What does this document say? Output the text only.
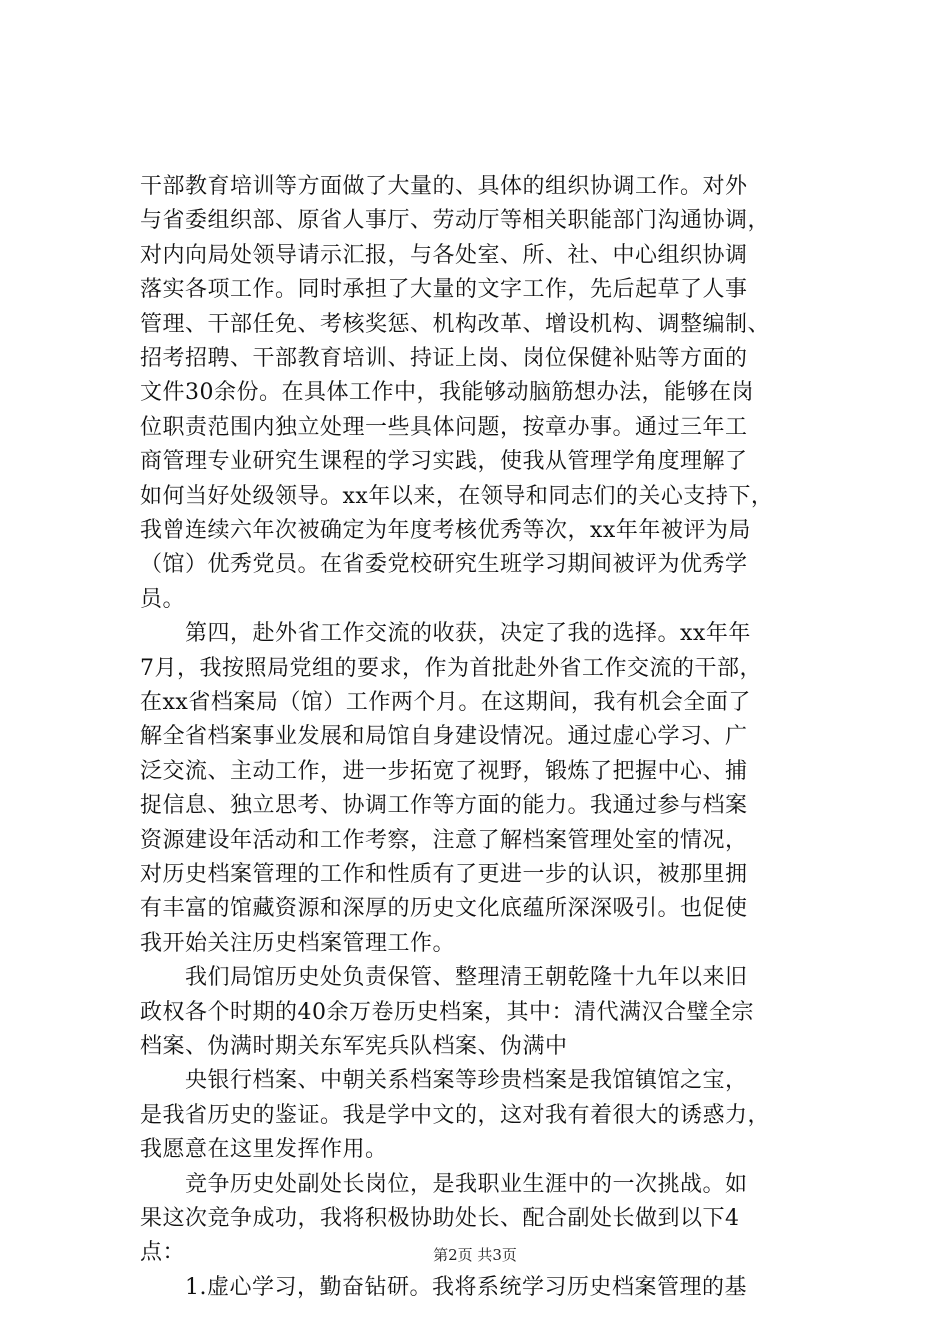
干部教育培训等方面做了大量的、具体的组织协调工作。对外
与省委组织部、原省人事厅、劳动厅等相关职能部门沟通协调，
对内向局处领导请示汇报，与各处室、所、社、中心组织协调
落实各项工作。同时承担了大量的文字工作，先后起草了人事
管理、干部任免、考核奖惩、机构改革、增设机构、调整编制、
招考招聘、干部教育培训、持证上岗、岗位保健补贴等方面的
文件30余份。在具体工作中，我能够动脑筋想办法，能够在岗
位职责范围内独立处理一些具体问题，按章办事。通过三年工
商管理专业研究生课程的学习实践，使我从管理学角度理解了
如何当好处级领导。xx年以来，在领导和同志们的关心支持下，
我曾连续六年次被确定为年度考核优秀等次，xx年年被评为局
（馆）优秀党员。在省委党校研究生班学习期间被评为优秀学
员。
　　第四，赴外省工作交流的收获，决定了我的选择。xx年年
7月，我按照局党组的要求，作为首批赴外省工作交流的干部，
在xx省档案局（馆）工作两个月。在这期间，我有机会全面了
解全省档案事业发展和局馆自身建设情况。通过虚心学习、广
泛交流、主动工作，进一步拓宽了视野，锻炼了把握中心、捕
捉信息、独立思考、协调工作等方面的能力。我通过参与档案
资源建设年活动和工作考察，注意了解档案管理处室的情况，
对历史档案管理的工作和性质有了更进一步的认识，被那里拥
有丰富的馆藏资源和深厚的历史文化底蕴所深深吸引。也促使
我开始关注历史档案管理工作。
　　我们局馆历史处负责保管、整理清王朝乾隆十九年以来旧
政权各个时期的40余万卷历史档案，其中：清代满汉合璧全宗
档案、伪满时期关东军宪兵队档案、伪满中
　　央银行档案、中朝关系档案等珍贵档案是我馆镇馆之宝，
是我省历史的鉴证。我是学中文的，这对我有着很大的诱惑力，
我愿意在这里发挥作用。
　　竞争历史处副处长岗位，是我职业生涯中的一次挑战。如
果这次竞争成功，我将积极协助处长、配合副处长做到以下4
点：
　　1.虚心学习，勤奋钻研。我将系统学习历史档案管理的基
第2页 共3页
